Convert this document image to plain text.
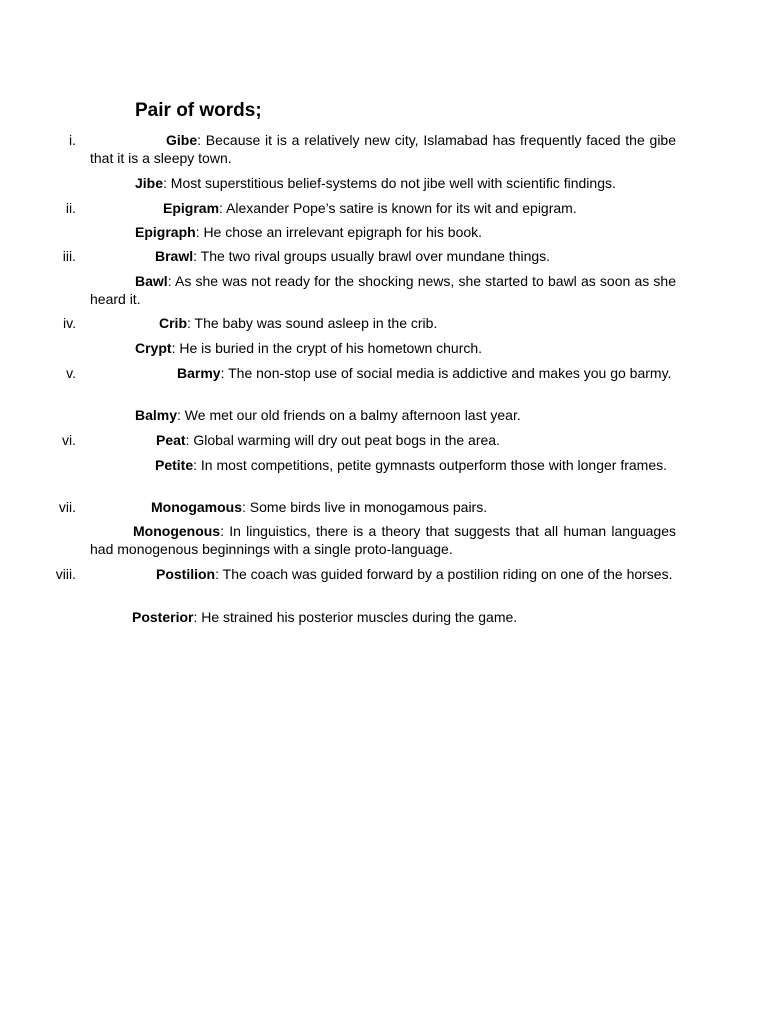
Pair of words;
i.	Gibe: Because it is a relatively new city, Islamabad has frequently faced the gibe that it is a sleepy town.

Jibe: Most superstitious belief-systems do not jibe well with scientific findings.

ii.	Epigram: Alexander Pope’s satire is known for its wit and epigram.

Epigraph: He chose an irrelevant epigraph for his book.

iii.	Brawl: The two rival groups usually brawl over mundane things.

Bawl: As she was not ready for the shocking news, she started to bawl as soon as she heard it.

iv.	Crib: The baby was sound asleep in the crib.

Crypt: He is buried in the crypt of his hometown church.

v.	Barmy: The non-stop use of social media is addictive and makes you go barmy.

Balmy: We met our old friends on a balmy afternoon last year.

vi.	Peat: Global warming will dry out peat bogs in the area.

Petite: In most competitions, petite gymnasts outperform those with longer frames.

vii.	Monogamous: Some birds live in monogamous pairs.

Monogenous: In linguistics, there is a theory that suggests that all human languages had monogenous beginnings with a single proto-language.

viii.	Postilion: The coach was guided forward by a postilion riding on one of the horses.

Posterior: He strained his posterior muscles during the game.
